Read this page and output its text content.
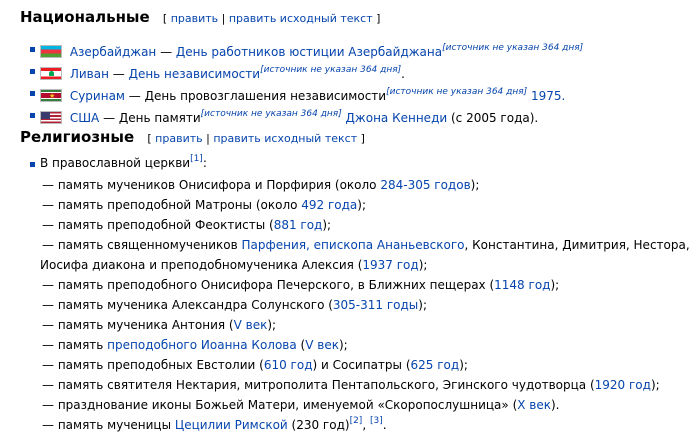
Национальные [ править | править исходный текст ]
Азербайджан — День работников юстиции Азербайджана[источник не указан 364 дня]
Ливан — День независимости[источник не указан 364 дня].
★ Суринам — День провозглашения независимости[источник не указан 364 дня] 1975.
США — День памяти[источник не указан 364 дня] Джона Кеннеди (с 2005 года).
Религиозные [ править | править исходный текст ]
В православной церкви[1]:
— память мучеников Онисифора и Порфирия (около 284-305 годов);
— память преподобной Матроны (около 492 года);
— память преподобной Феоктисты (881 год);
— память священномучеников Парфения, епископа Ананьевского, Константина, Димитрия, Нестора,
Иосифа диакона и преподобномученика Алексия (1937 год);
— память преподобного Онисифора Печерского, в Ближних пещерах (1148 год);
— память мученика Александра Солунского (305-311 годы);
— память мученика Антония (V век);
— память преподобного Иоанна Колова (V век);
— память преподобных Евстолии (610 год) и Сосипатры (625 год);
— память святителя Нектария, митрополита Пентапольского, Эгинского чудотворца (1920 год);
— празднование иконы Божьей Матери, именуемой «Скоропослушница» (X век).
— память мученицы Цецилии Римской (230 год)[2], [3].
